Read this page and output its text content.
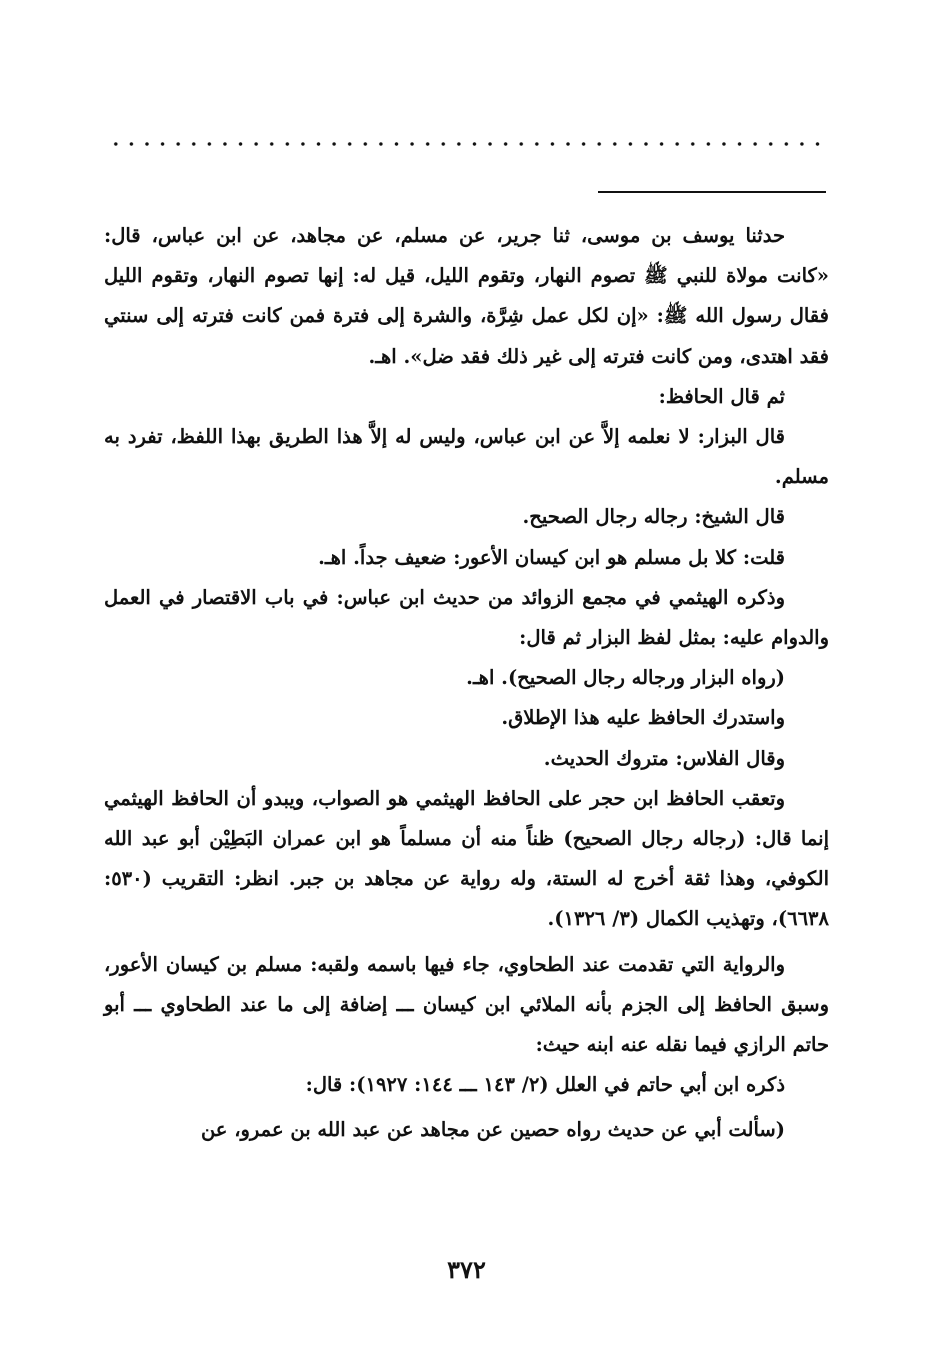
حدثنا يوسف بن موسى، ثنا جرير، عن مسلم، عن مجاهد، عن ابن عباس، قال: «كانت مولاة للنبي ﷺ تصوم النهار، وتقوم الليل، قيل له: إنها تصوم النهار، وتقوم الليل فقال رسول الله ﷺ: «إن لكل عمل شِرَّة، والشرة إلى فترة فمن كانت فترته إلى سنتي فقد اهتدى، ومن كانت فترته إلى غير ذلك فقد ضل». اهـ.

ثم قال الحافظ:

قال البزار: لا نعلمه إلاَّ عن ابن عباس، وليس له إلاَّ هذا الطريق بهذا اللفظ، تفرد به مسلم.

قال الشيخ: رجاله رجال الصحيح.

قلت: كلا بل مسلم هو ابن كيسان الأعور: ضعيف جداً. اهـ.

وذكره الهيثمي في مجمع الزوائد من حديث ابن عباس: في باب الاقتصار في العمل والدوام عليه: بمثل لفظ البزار ثم قال:

(رواه البزار ورجاله رجال الصحيح). اهـ.

واستدرك الحافظ عليه هذا الإطلاق.

وقال الفلاس: متروك الحديث.

وتعقب الحافظ ابن حجر على الحافظ الهيثمي هو الصواب، ويبدو أن الحافظ الهيثمي إنما قال: (رجاله رجال الصحيح) ظناً منه أن مسلماً هو ابن عمران البَطِيْن أبو عبد الله الكوفي، وهذا ثقة أخرج له الستة، وله رواية عن مجاهد بن جبر. انظر: التقريب (٥٣٠: ٦٦٣٨)، وتهذيب الكمال (٣/ ١٣٢٦).

والرواية التي تقدمت عند الطحاوي، جاء فيها باسمه ولقبه: مسلم بن كيسان الأعور، وسبق الحافظ إلى الجزم بأنه الملائي ابن كيسان ـــ إضافة إلى ما عند الطحاوي ـــ أبو حاتم الرازي فيما نقله عنه ابنه حيث:

ذكره ابن أبي حاتم في العلل (٢/ ١٤٣ ـــ ١٤٤: ١٩٢٧): قال:

(سألت أبي عن حديث رواه حصين عن مجاهد عن عبد الله بن عمرو، عن

٣٧٢
